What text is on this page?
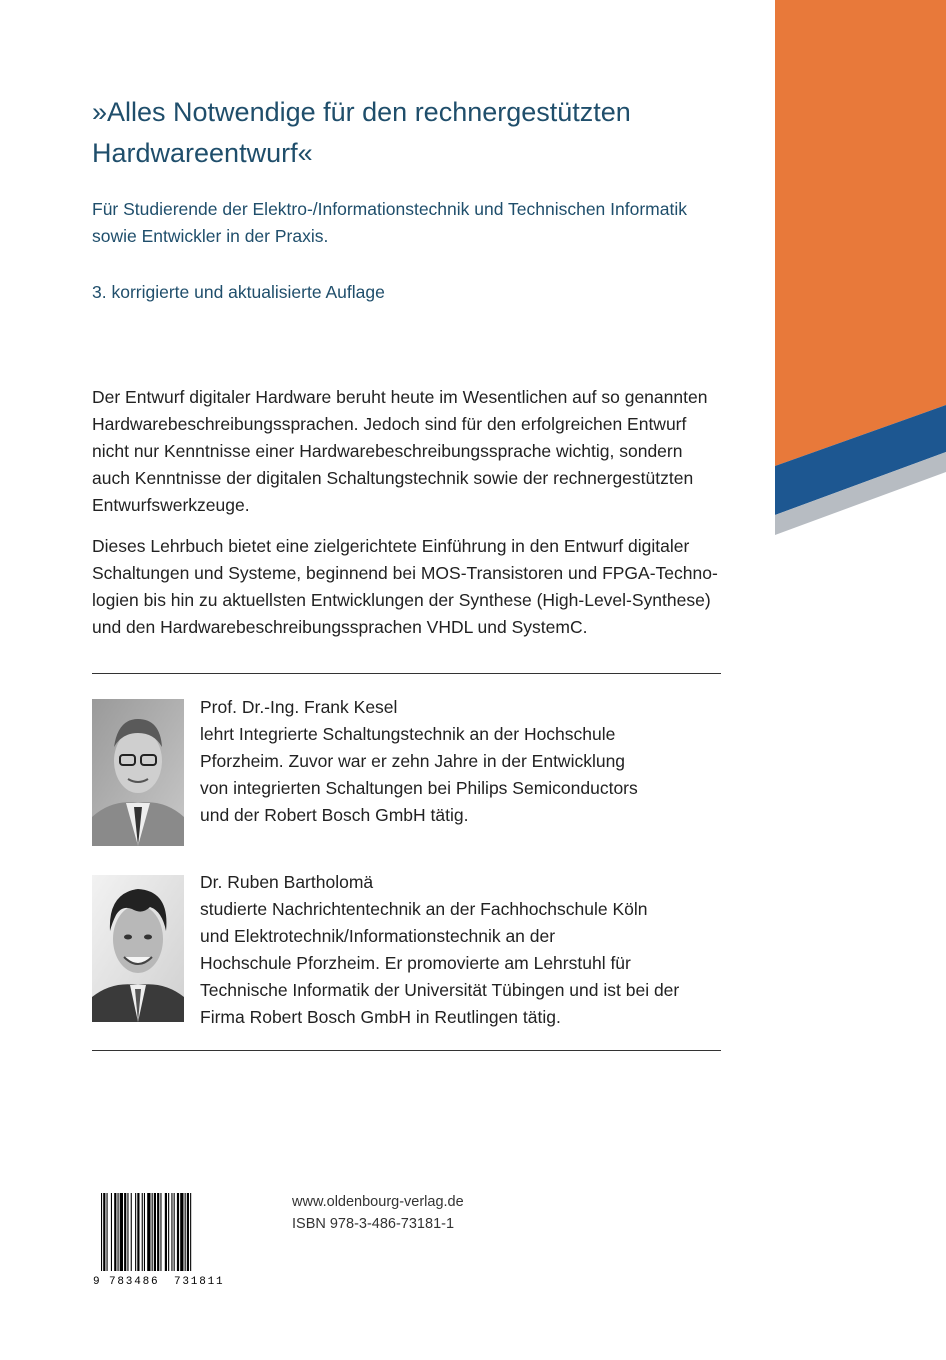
»Alles Notwendige für den rechnergestützten
Hardwareentwurf«
Für Studierende der Elektro-/Informationstechnik und Technischen Informatik
sowie Entwickler in der Praxis.
3. korrigierte und aktualisierte Auflage
Der Entwurf digitaler Hardware beruht heute im Wesentlichen auf so genannten
Hardwarebeschreibungssprachen. Jedoch sind für den erfolgreichen Entwurf
nicht nur Kenntnisse einer Hardwarebeschreibungssprache wichtig, sondern
auch Kenntnisse der digitalen Schaltungstechnik sowie der rechnergestützten
Entwurfswerkzeuge.
Dieses Lehrbuch bietet eine zielgerichtete Einführung in den Entwurf digitaler
Schaltungen und Systeme, beginnend bei MOS-Transistoren und FPGA-Techno-
logien bis hin zu aktuellsten Entwicklungen der Synthese (High-Level-Synthese)
und den Hardwarebeschreibungssprachen VHDL und SystemC.
Prof. Dr.-Ing. Frank Kesel
lehrt Integrierte Schaltungstechnik an der Hochschule
Pforzheim. Zuvor war er zehn Jahre in der Entwicklung
von integrierten Schaltungen bei Philips Semiconductors
und der Robert Bosch GmbH tätig.
Dr. Ruben Bartholomä
studierte Nachrichtentechnik an der Fachhochschule Köln
und Elektrotechnik/Informationstechnik an der
Hochschule Pforzheim. Er promovierte am Lehrstuhl für
Technische Informatik der Universität Tübingen und ist bei der
Firma Robert Bosch GmbH in Reutlingen tätig.
9 783486 731811
www.oldenbourg-verlag.de
ISBN 978-3-486-73181-1
